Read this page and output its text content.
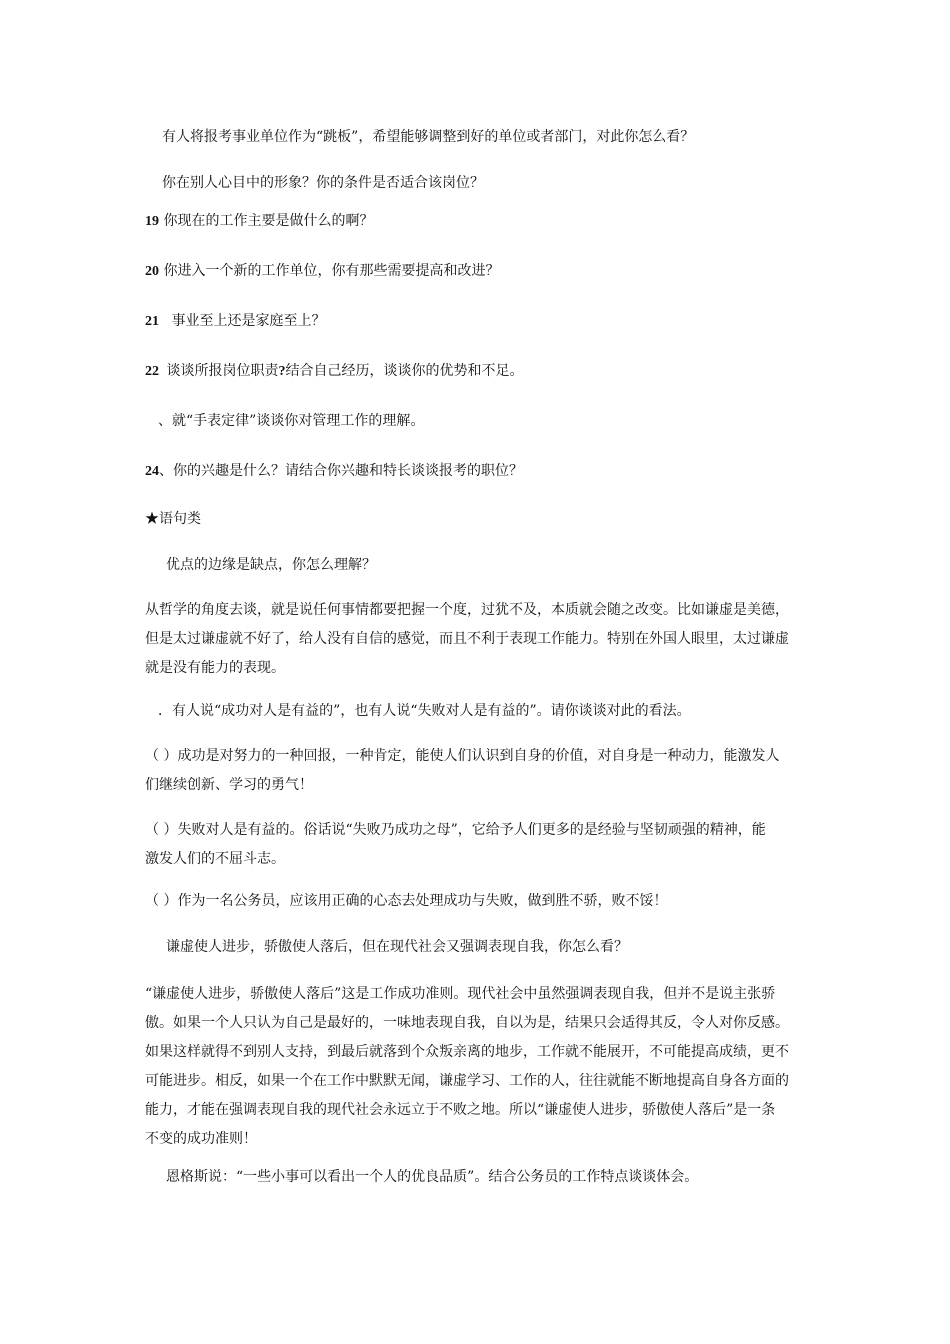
有人将报考事业单位作为“跳板”，希望能够调整到好的单位或者部门，对此你怎么看？
你在别人心目中的形象？你的条件是否适合该岗位？
19 你现在的工作主要是做什么的啊？
20 你进入一个新的工作单位，你有那些需要提高和改进？
21 事业至上还是家庭至上？
22 谈谈所报岗位职责?结合自己经历，谈谈你的优势和不足。
、就“手表定律”谈谈你对管理工作的理解。
24、你的兴趣是什么？请结合你兴趣和特长谈谈报考的职位？
★语句类
优点的边缘是缺点，你怎么理解？
从哲学的角度去谈，就是说任何事情都要把握一个度，过犹不及，本质就会随之改变。比如谦虚是美德，
但是太过谦虚就不好了，给人没有自信的感觉，而且不利于表现工作能力。特别在外国人眼里，太过谦虚
就是没有能力的表现。
．有人说“成功对人是有益的”，也有人说“失败对人是有益的”。请你谈谈对此的看法。
（ ）成功是对努力的一种回报，一种肯定，能使人们认识到自身的价值，对自身是一种动力，能激发人
们继续创新、学习的勇气！
（ ）失败对人是有益的。俗话说“失败乃成功之母”，它给予人们更多的是经验与坚韧顽强的精神，能
激发人们的不屈斗志。
（ ）作为一名公务员，应该用正确的心态去处理成功与失败，做到胜不骄，败不馁！
谦虚使人进步，骄傲使人落后，但在现代社会又强调表现自我，你怎么看？
“谦虚使人进步，骄傲使人落后”这是工作成功准则。现代社会中虽然强调表现自我，但并不是说主张骄
傲。如果一个人只认为自己是最好的，一味地表现自我，自以为是，结果只会适得其反，令人对你反感。
如果这样就得不到别人支持，到最后就落到个众叛亲离的地步，工作就不能展开，不可能提高成绩，更不
可能进步。相反，如果一个在工作中默默无闻，谦虚学习、工作的人，往往就能不断地提高自身各方面的
能力，才能在强调表现自我的现代社会永远立于不败之地。所以“谦虚使人进步，骄傲使人落后”是一条
不变的成功准则！
恩格斯说：“一些小事可以看出一个人的优良品质”。结合公务员的工作特点谈谈体会。
